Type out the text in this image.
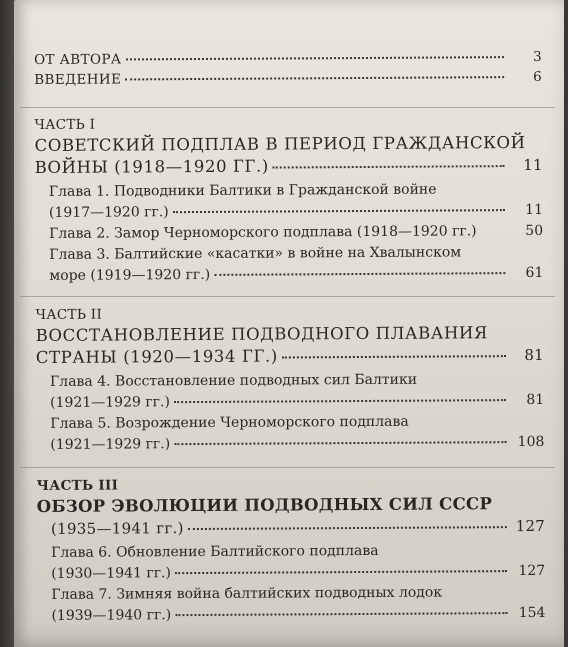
ОТ АВТОРА	3
ВВЕДЕНИЕ	6
ЧАСТЬ I
СОВЕТСКИЙ ПОДПЛАВ В ПЕРИОД ГРАЖДАНСКОЙ
ВОЙНЫ (1918—1920 ГГ.)	11
Глава 1. Подводники Балтики в Гражданской войне
(1917—1920 гг.)	11
Глава 2. Замор Черноморского подплава (1918—1920 гг.)	50
Глава 3. Балтийские «касатки» в войне на Хвалынском
море (1919—1920 гг.)	61
ЧАСТЬ II
ВОССТАНОВЛЕНИЕ ПОДВОДНОГО ПЛАВАНИЯ
СТРАНЫ (1920—1934 ГГ.)	81
Глава 4. Восстановление подводных сил Балтики
(1921—1929 гг.)	81
Глава 5. Возрождение Черноморского подплава
(1921—1929 гг.)	108
ЧАСТЬ III
ОБЗОР ЭВОЛЮЦИИ ПОДВОДНЫХ СИЛ СССР
(1935—1941 гг.)	127
Глава 6. Обновление Балтийского подплава
(1930—1941 гг.)	127
Глава 7. Зимняя война балтийских подводных лодок
(1939—1940 гг.)	154
